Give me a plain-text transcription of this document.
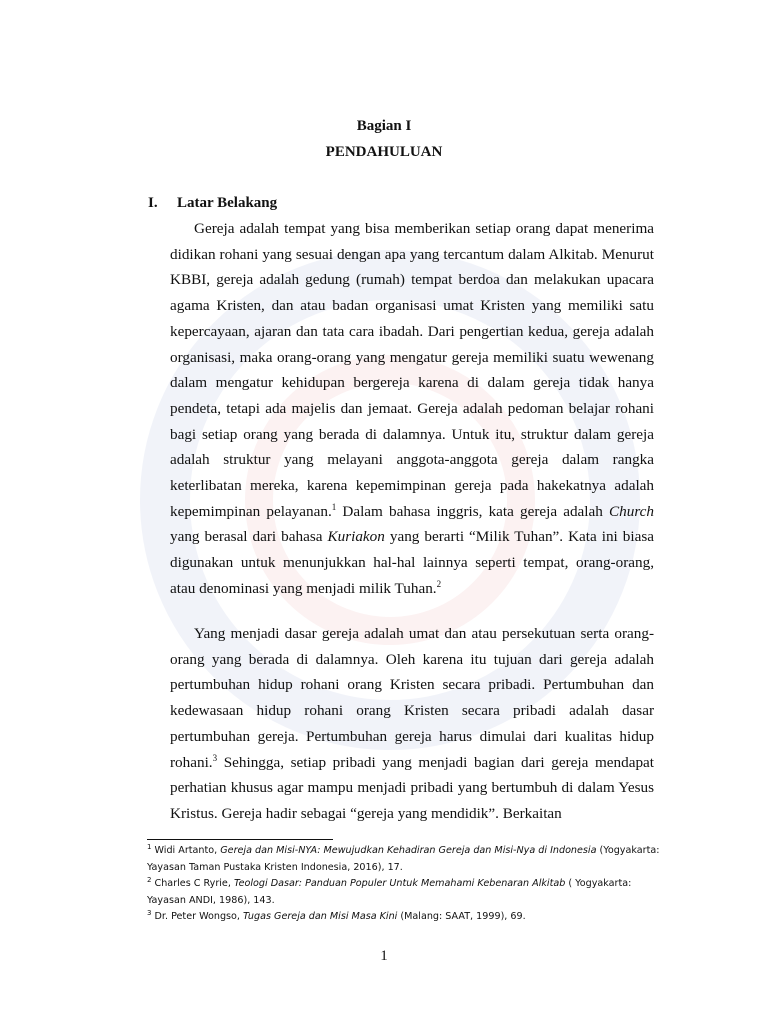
Bagian I
PENDAHULUAN
I. Latar Belakang

Gereja adalah tempat yang bisa memberikan setiap orang dapat menerima didikan rohani yang sesuai dengan apa yang tercantum dalam Alkitab. Menurut KBBI, gereja adalah gedung (rumah) tempat berdoa dan melakukan upacara agama Kristen, dan atau badan organisasi umat Kristen yang memiliki satu kepercayaan, ajaran dan tata cara ibadah. Dari pengertian kedua, gereja adalah organisasi, maka orang-orang yang mengatur gereja memiliki suatu wewenang dalam mengatur kehidupan bergereja karena di dalam gereja tidak hanya pendeta, tetapi ada majelis dan jemaat. Gereja adalah pedoman belajar rohani bagi setiap orang yang berada di dalamnya. Untuk itu, struktur dalam gereja adalah struktur yang melayani anggota-anggota gereja dalam rangka keterlibatan mereka, karena kepemimpinan gereja pada hakekatnya adalah kepemimpinan pelayanan.$^1$ Dalam bahasa inggris, kata gereja adalah Church yang berasal dari bahasa Kuriakon yang berarti “Milik Tuhan”. Kata ini biasa digunakan untuk menunjukkan hal-hal lainnya seperti tempat, orang-orang, atau denominasi yang menjadi milik Tuhan.$^2$

Yang menjadi dasar gereja adalah umat dan atau persekutuan serta orang-orang yang berada di dalamnya. Oleh karena itu tujuan dari gereja adalah pertumbuhan hidup rohani orang Kristen secara pribadi. Pertumbuhan dan kedewasaan hidup rohani orang Kristen secara pribadi adalah dasar pertumbuhan gereja. Pertumbuhan gereja harus dimulai dari kualitas hidup rohani.$^3$ Sehingga, setiap pribadi yang menjadi bagian dari gereja mendapat perhatian khusus agar mampu menjadi pribadi yang bertumbuh di dalam Yesus Kristus. Gereja hadir sebagai “gereja yang mendidik”. Berkaitan

$^1$ Widi Artanto, Gereja dan Misi-NYA: Mewujudkan Kehadiran Gereja dan Misi-Nya di Indonesia (Yogyakarta: Yayasan Taman Pustaka Kristen Indonesia, 2016), 17.

$^2$ Charles C Ryrie, Teologi Dasar: Panduan Populer Untuk Memahami Kebenaran Alkitab ( Yogyakarta: Yayasan ANDI, 1986), 143.

$^3$ Dr. Peter Wongso, Tugas Gereja dan Misi Masa Kini (Malang: SAAT, 1999), 69.

1
